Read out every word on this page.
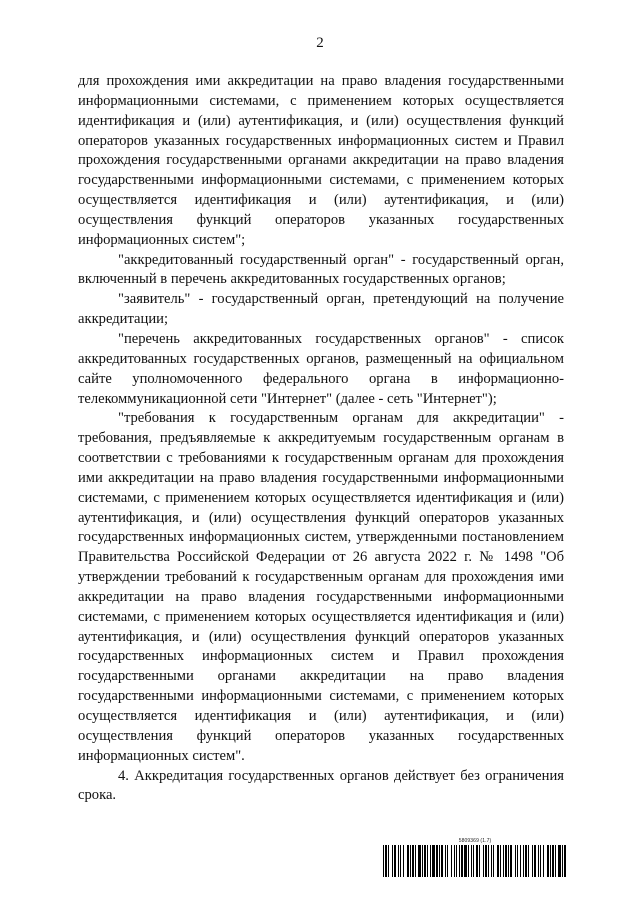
2

для прохождения ими аккредитации на право владения государственными информационными системами, с применением которых осуществляется идентификация и (или) аутентификация, и (или) осуществления функций операторов указанных государственных информационных систем и Правил прохождения государственными органами аккредитации на право владения государственными информационными системами, с применением которых осуществляется идентификация и (или) аутентификация, и (или) осуществления функций операторов указанных государственных информационных систем";

"аккредитованный государственный орган" - государственный орган, включенный в перечень аккредитованных государственных органов;

"заявитель" - государственный орган, претендующий на получение аккредитации;

"перечень аккредитованных государственных органов" - список аккредитованных государственных органов, размещенный на официальном сайте уполномоченного федерального органа в информационно-телекоммуникационной сети "Интернет" (далее - сеть "Интернет");

"требования к государственным органам для аккредитации" - требования, предъявляемые к аккредитуемым государственным органам в соответствии с требованиями к государственным органам для прохождения ими аккредитации на право владения государственными информационными системами, с применением которых осуществляется идентификация и (или) аутентификация, и (или) осуществления функций операторов указанных государственных информационных систем, утвержденными постановлением Правительства Российской Федерации от 26 августа 2022 г. № 1498 "Об утверждении требований к государственным органам для прохождения ими аккредитации на право владения государственными информационными системами, с применением которых осуществляется идентификация и (или) аутентификация, и (или) осуществления функций операторов указанных государственных информационных систем и Правил прохождения государственными органами аккредитации на право владения государственными информационными системами, с применением которых осуществляется идентификация и (или) аутентификация, и (или) осуществления функций операторов указанных государственных информационных систем".

4. Аккредитация государственных органов действует без ограничения срока.

5809369 (1.7)
